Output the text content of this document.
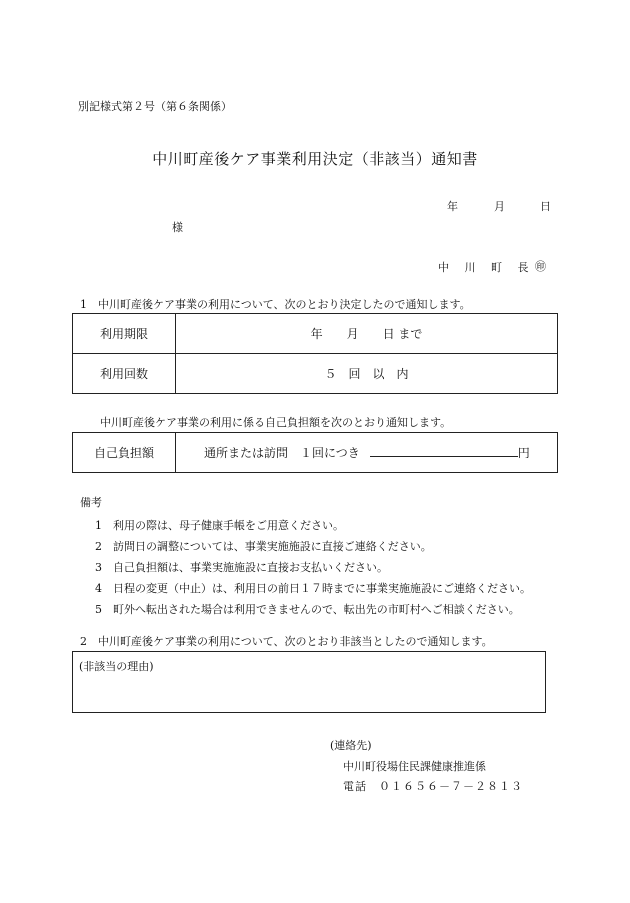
別記様式第２号（第６条関係）
中川町産後ケア事業利用決定（非該当）通知書
年	月	日
様
中 川 町 長 ㊞
1　中川町産後ケア事業の利用について、次のとおり決定したので通知します。
利用期限	年　　月　　日 まで
利用回数	５　回　以　内
中川町産後ケア事業の利用に係る自己負担額を次のとおり通知します。
自己負担額	通所または訪問　１回につき	円
備考
1 利用の際は、母子健康手帳をご用意ください。
2 訪問日の調整については、事業実施施設に直接ご連絡ください。
3 自己負担額は、事業実施施設に直接お支払いください。
4 日程の変更（中止）は、利用日の前日１７時までに事業実施施設にご連絡ください。
5 町外へ転出された場合は利用できませんので、転出先の市町村へご相談ください。
2　中川町産後ケア事業の利用について、次のとおり非該当としたので通知します。
(非該当の理由)
(連絡先)
中川町役場住民課健康推進係
電話　０１６５６－７－２８１３
